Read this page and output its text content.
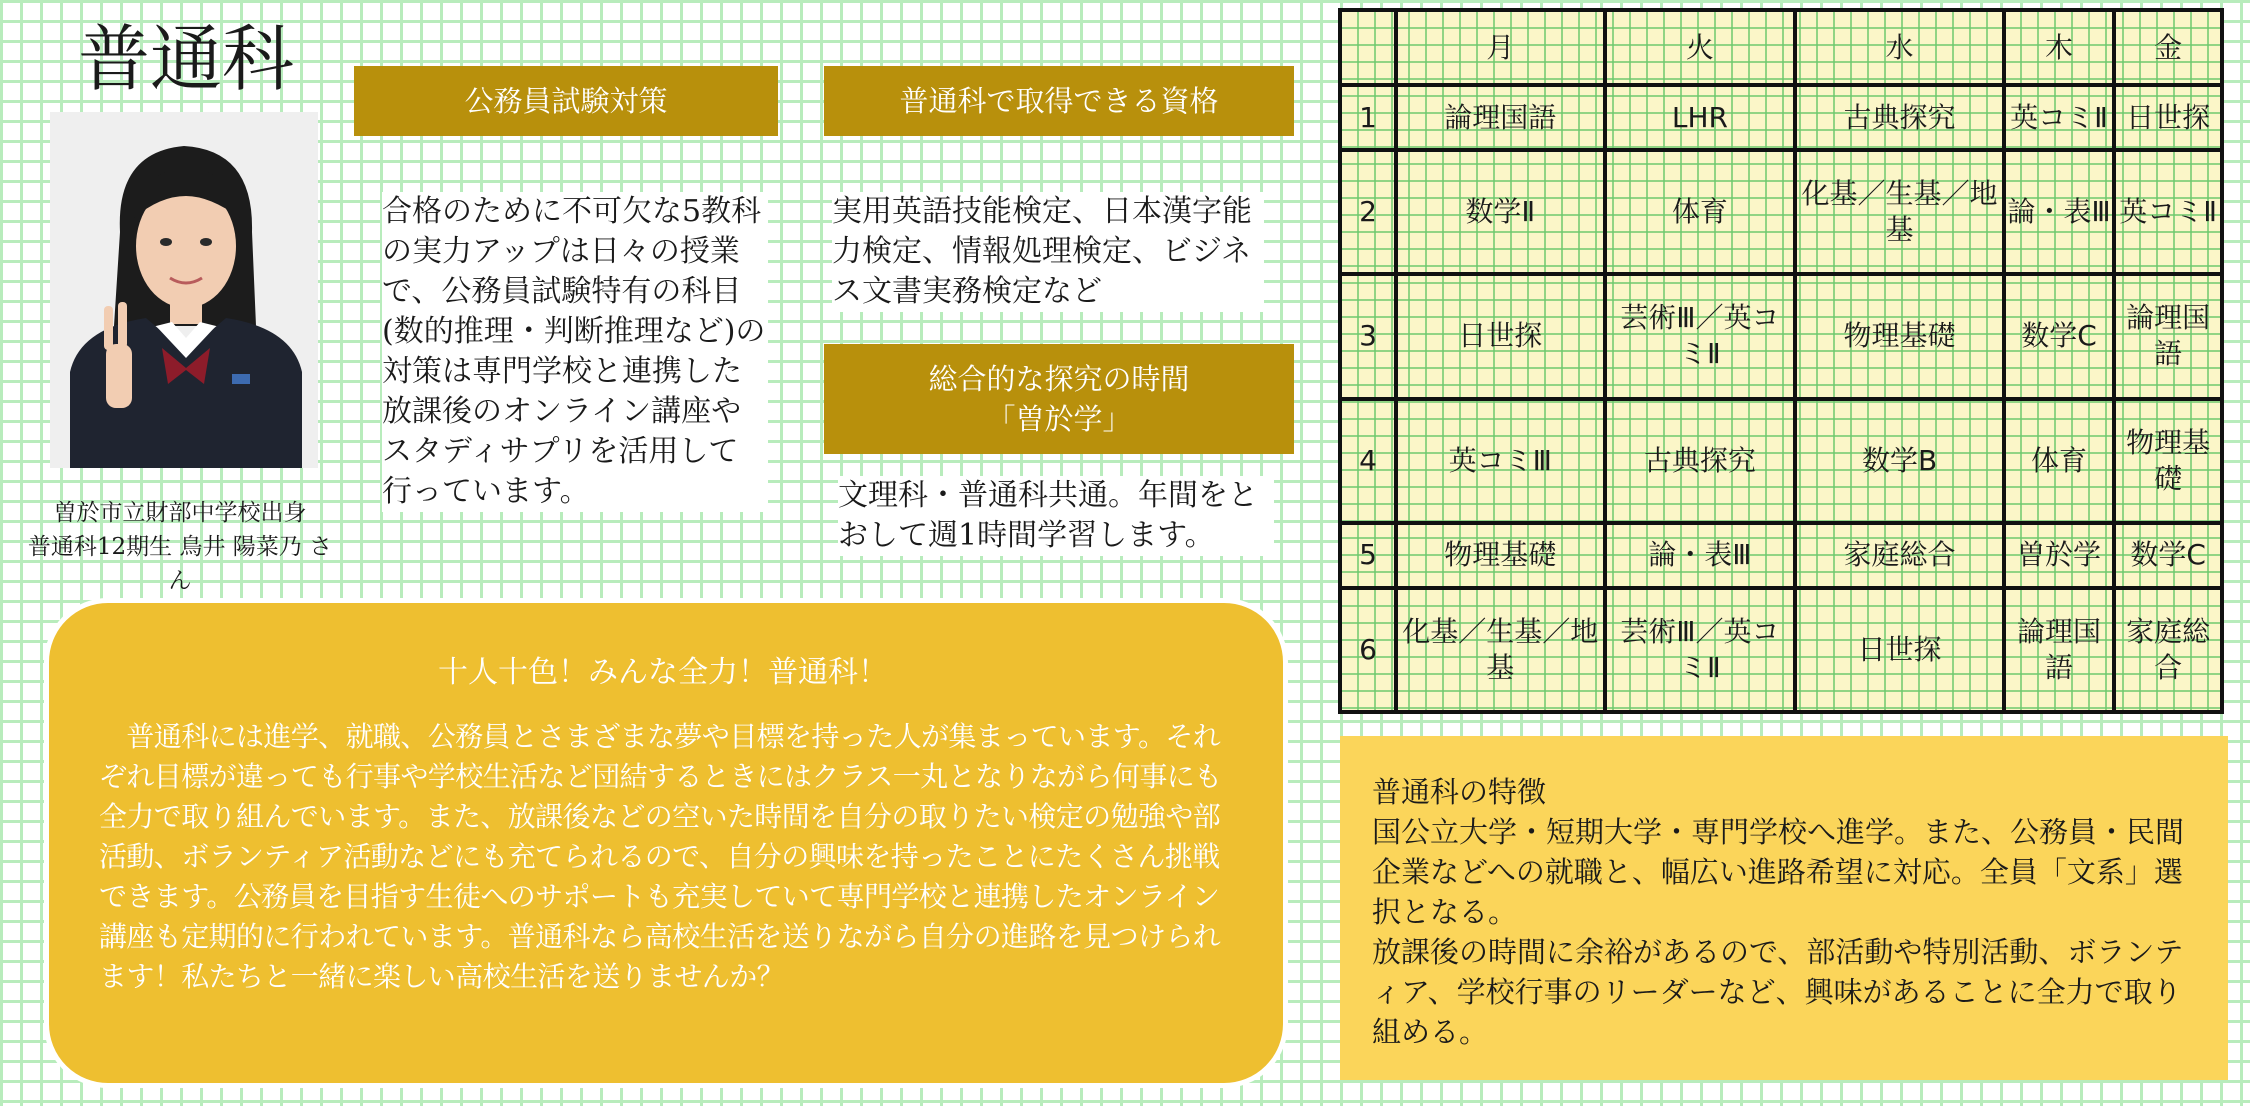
普通科
曽於市立財部中学校出身
普通科12期生 鳥井 陽菜乃 さん
公務員試験対策
合格のために不可欠な5教科の実力アップは日々の授業で、公務員試験特有の科目(数的推理・判断推理など)の対策は専門学校と連携した放課後のオンライン講座やスタディサプリを活用して行っています。
普通科で取得できる資格
実用英語技能検定、日本漢字能力検定、情報処理検定、ビジネス文書実務検定など
総合的な探究の時間
「曽於学」
文理科・普通科共通。年間をとおして週1時間学習します。
十人十色！みんな全力！普通科！
　普通科には進学、就職、公務員とさまざまな夢や目標を持った人が集まっています。それぞれ目標が違っても行事や学校生活など団結するときにはクラス一丸となりながら何事にも全力で取り組んでいます。また、放課後などの空いた時間を自分の取りたい検定の勉強や部活動、ボランティア活動などにも充てられるので、自分の興味を持ったことにたくさん挑戦できます。公務員を目指す生徒へのサポートも充実していて専門学校と連携したオンライン講座も定期的に行われています。普通科なら高校生活を送りながら自分の進路を見つけられます！私たちと一緒に楽しい高校生活を送りませんか？
	月	火	水	木	金
1	論理国語	LHR	古典探究	英コミⅡ	日世探
2	数学Ⅱ	体育	化基／生基／地基	論・表Ⅲ	英コミⅡ
3	日世探	芸術Ⅲ／英コミⅡ	物理基礎	数学C	論理国語
4	英コミⅢ	古典探究	数学B	体育	物理基礎
5	物理基礎	論・表Ⅲ	家庭総合	曽於学	数学C
6	化基／生基／地基	芸術Ⅲ／英コミⅡ	日世探	論理国語	家庭総合
普通科の特徴
国公立大学・短期大学・専門学校へ進学。また、公務員・民間企業などへの就職と、幅広い進路希望に対応。全員「文系」選択となる。
放課後の時間に余裕があるので、部活動や特別活動、ボランティア、学校行事のリーダーなど、興味があることに全力で取り組める。
